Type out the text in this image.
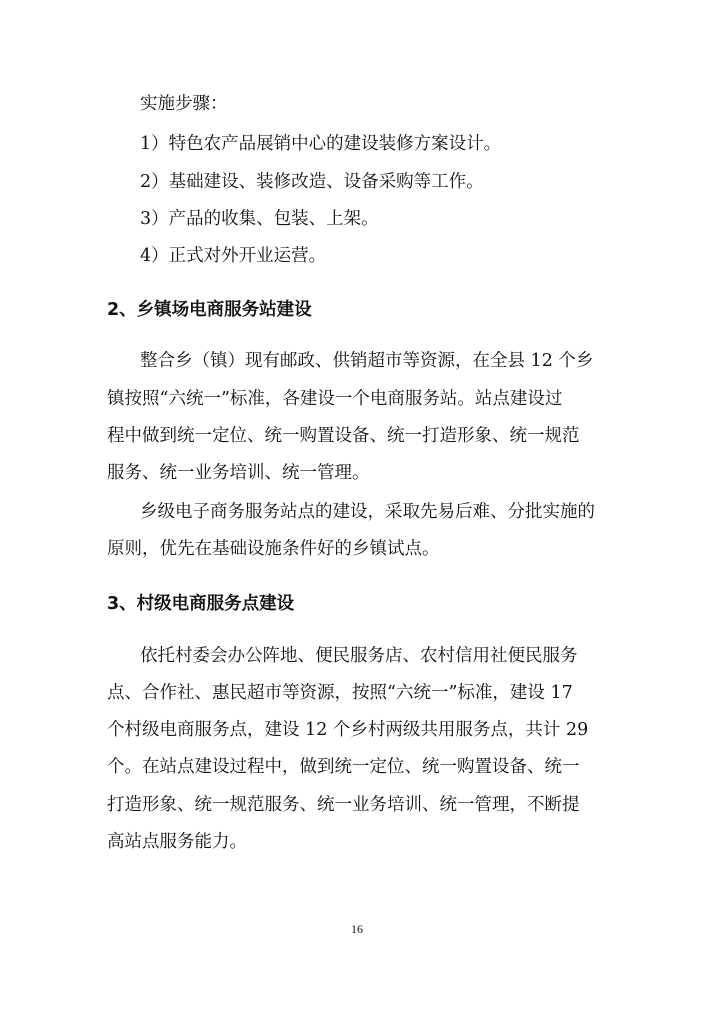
实施步骤：
1）特色农产品展销中心的建设装修方案设计。
2）基础建设、装修改造、设备采购等工作。
3）产品的收集、包装、上架。
4）正式对外开业运营。
2、乡镇场电商服务站建设
整合乡（镇）现有邮政、供销超市等资源，在全县 12 个乡
镇按照“六统一”标准，各建设一个电商服务站。站点建设过
程中做到统一定位、统一购置设备、统一打造形象、统一规范
服务、统一业务培训、统一管理。
乡级电子商务服务站点的建设，采取先易后难、分批实施的
原则，优先在基础设施条件好的乡镇试点。
3、村级电商服务点建设
依托村委会办公阵地、便民服务店、农村信用社便民服务
点、合作社、惠民超市等资源，按照“六统一”标准，建设 17
个村级电商服务点，建设 12 个乡村两级共用服务点，共计 29
个。在站点建设过程中，做到统一定位、统一购置设备、统一
打造形象、统一规范服务、统一业务培训、统一管理，不断提
高站点服务能力。
16
